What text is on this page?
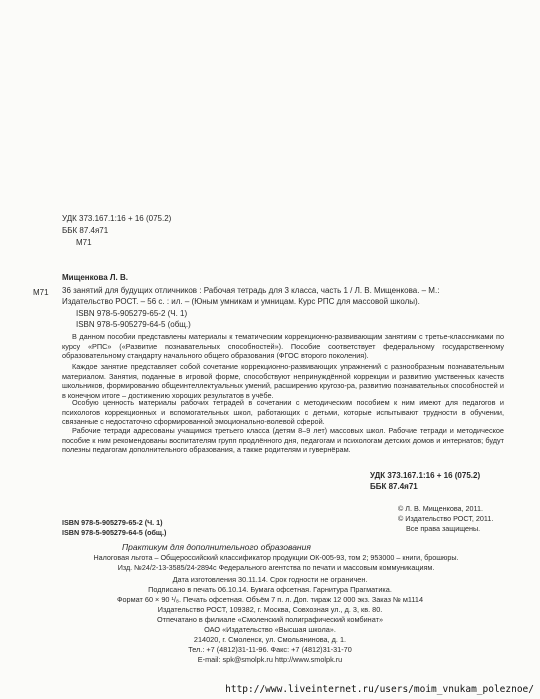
УДК 373.167.1:16 + 16 (075.2)
ББК 87.4я71
М71
Мищенкова Л. В.
М71 36 занятий для будущих отличников : Рабочая тетрадь для 3 класса, часть 1 / Л. В. Мищенкова. – М.:
Издательство РОСТ. – 56 с. : ил. – (Юным умникам и умницам. Курс РПС для массовой школы).
ISBN 978-5-905279-65-2 (Ч. 1)
ISBN 978-5-905279-64-5 (общ.)
В данном пособии представлены материалы к тематическим коррекционно-развивающим занятиям с третье-классниками по курсу «РПС» («Развитие познавательных способностей»). Пособие соответствует федеральному государственному образовательному стандарту начального общего образования (ФГОС второго поколения).
Каждое занятие представляет собой сочетание коррекционно-развивающих упражнений с разнообразным познавательным материалом. Занятия, поданные в игровой форме, способствуют непринуждённой коррекции и развитию умственных качеств школьников, формированию общеинтеллектуальных умений, расширению кругозо-ра, развитию познавательных способностей и в конечном итоге – достижению хороших результатов в учёбе.
Особую ценность материалы рабочих тетрадей в сочетании с методическим пособием к ним имеют для педагогов и психологов коррекционных и вспомогательных школ, работающих с детьми, которые испытывают трудности в обучении, связанные с недостаточно сформированной эмоционально-волевой сферой.
Рабочие тетради адресованы учащимся третьего класса (детям 8–9 лет) массовых школ. Рабочие тетради и методическое пособие к ним рекомендованы воспитателям групп продлённого дня, педагогам и психологам детских домов и интернатов; будут полезны педагогам дополнительного образования, а также родителям и гувернёрам.
УДК 373.167.1:16 + 16 (075.2)
ББК 87.4я71
© Л. В. Мищенкова, 2011.
© Издательство РОСТ, 2011.
Все права защищены.
ISBN 978-5-905279-65-2 (Ч. 1)
ISBN 978-5-905279-64-5 (общ.)
Практикум для дополнительного образования
Налоговая льгота – Общероссийский классификатор продукции ОК-005-93, том 2; 953000 – книги, брошюры.
Изд. №24/2-13-3585/24-2894с Федерального агентства по печати и массовым коммуникациям.
Дата изготовления 30.11.14. Срок годности не ограничен.
Подписано в печать 06.10.14. Бумага офсетная. Гарнитура Прагматика.
Формат 60 × 90 ¹/₈. Печать офсетная. Объём 7 п. л. Доп. тираж 12 000 экз. Заказ № м1114
Издательство РОСТ, 109382, г. Москва, Совхозная ул., д. 3, кв. 80.
Отпечатано в филиале «Смоленский полиграфический комбинат»
ОАО «Издательство «Высшая школа».
214020, г. Смоленск, ул. Смольянинова, д. 1.
Тел.: +7 (4812)31-11-96. Факс: +7 (4812)31-31-70
E-mail: spk@smolpk.ru http://www.smolpk.ru
http://www.liveinternet.ru/users/moim_vnukam_poleznoe/
